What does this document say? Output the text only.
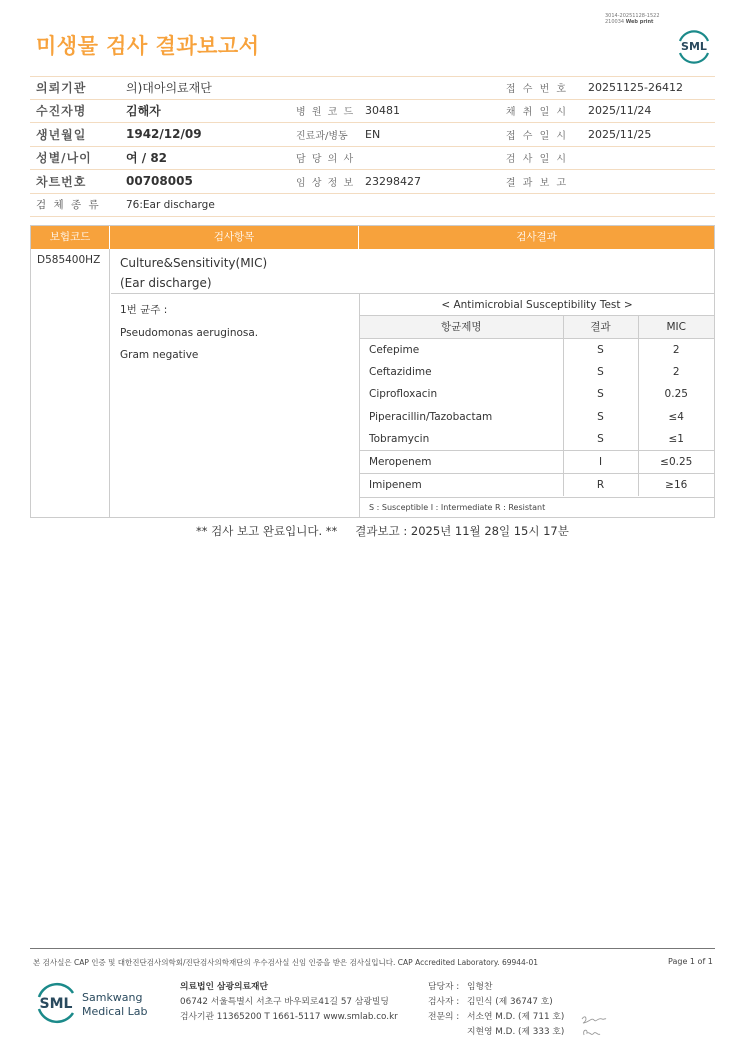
미생물 검사 결과보고서
3014-20251128-1522
210034 Web print
SML
의뢰기관	의)대아의료재단	접 수 번 호	20251125-26412
수진자명	김해자	병 원 코 드 30481	채 취 일 시	2025/11/24
생년월일	1942/12/09	진료과/병동	EN	접 수 일 시	2025/11/25
성별/나이	여 / 82	담 당 의 사	검 사 일 시
차트번호	00708005	임 상 정 보 23298427	결 과 보 고
검 체 종 류	76:Ear discharge
보험코드	검사항목	검사결과
D585400HZ	Culture&Sensitivity(MIC)
(Ear discharge)
1번 균주 :
Pseudomonas aeruginosa.
Gram negative
< Antimicrobial Susceptibility Test >
항균제명	결과	MIC
Cefepime	S	2
Ceftazidime	S	2
Ciprofloxacin	S	0.25
Piperacillin/Tazobactam	S	≤4
Tobramycin	S	≤1
Meropenem	I	≤0.25
Imipenem	R	≥16
S : Susceptible I : Intermediate R : Resistant
** 검사 보고 완료입니다. ** 결과보고 : 2025년 11월 28일 15시 17분
본 검사실은 CAP 인증 및 대한진단검사의학회/진단검사의학재단의 우수검사실 신임 인증을 받은 검사실입니다. CAP Accredited Laboratory. 69944-01	Page 1 of 1
SML Samkwang
Medical Lab
의료법인 삼광의료재단
06742 서울특별시 서초구 바우뫼로41길 57 삼광빌딩
검사기관 11365200 T 1661-5117 www.smlab.co.kr
담당자 : 임형찬
검사자 : 김민식 (제 36747 호)
전문의 : 서소연 M.D. (제 711 호)
지현영 M.D. (제 333 호)
